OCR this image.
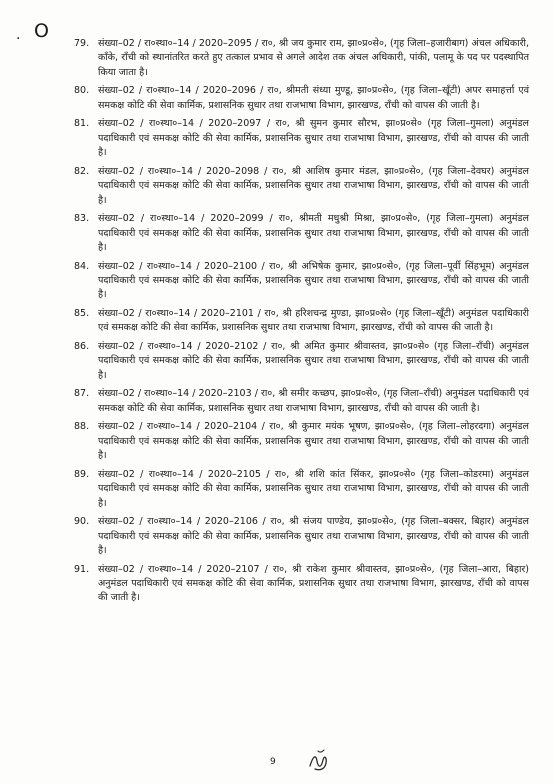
. O
79. संख्या–02 / रा०स्था०–14 / 2020–2095 / रा०, श्री जय कुमार राम, झा०प्र०से०, (गृह जिला–हजारीबाग) अंचल अधिकारी, काँके, राँची को स्थानांतरित करते हुए तत्काल प्रभाव से अगले आदेश तक अंचल अधिकारी, पांकी, पलामू के पद पर पदस्थापित किया जाता है।
80. संख्या–02 / रा०स्था०–14 / 2020–2096 / रा०, श्रीमती संध्या मुण्डू, झा०प्र०से०, (गृह जिला–खूँटी) अपर समाहर्त्ता एवं समकक्ष कोटि की सेवा कार्मिक, प्रशासनिक सुधार तथा राजभाषा विभाग, झारखण्ड, राँची को वापस की जाती है।
81. संख्या–02 / रा०स्था०–14 / 2020–2097 / रा०, श्री सुमन कुमार सौरभ, झा०प्र०से० (गृह जिला–गुमला) अनुमंडल पदाधिकारी एवं समकक्ष कोटि की सेवा कार्मिक, प्रशासनिक सुधार तथा राजभाषा विभाग, झारखण्ड, राँची को वापस की जाती है।
82. संख्या–02 / रा०स्था०–14 / 2020–2098 / रा०, श्री आशिष कुमार मंडल, झा०प्र०से०, (गृह जिला–देवघर) अनुमंडल पदाधिकारी एवं समकक्ष कोटि की सेवा कार्मिक, प्रशासनिक सुधार तथा राजभाषा विभाग, झारखण्ड, राँची को वापस की जाती है।
83. संख्या–02 / रा०स्था०–14 / 2020–2099 / रा०, श्रीमती मधुश्री मिश्रा, झा०प्र०से०, (गृह जिला–गुमला) अनुमंडल पदाधिकारी एवं समकक्ष कोटि की सेवा कार्मिक, प्रशासनिक सुधार तथा राजभाषा विभाग, झारखण्ड, राँची को वापस की जाती है।
84. संख्या–02 / रा०स्था०–14 / 2020–2100 / रा०, श्री अभिषेक कुमार, झा०प्र०से०, (गृह जिला–पूर्वी सिंहभूम) अनुमंडल पदाधिकारी एवं समकक्ष कोटि की सेवा कार्मिक, प्रशासनिक सुधार तथा राजभाषा विभाग, झारखण्ड, राँची को वापस की जाती है।
85. संख्या–02 / रा०स्था०–14 / 2020–2101 / रा०, श्री हरिशचन्द्र मुण्डा, झा०प्र०से० (गृह जिला–खूँटी) अनुमंडल पदाधिकारी एवं समकक्ष कोटि की सेवा कार्मिक, प्रशासनिक सुधार तथा राजभाषा विभाग, झारखण्ड, राँची को वापस की जाती है।
86. संख्या–02 / रा०स्था०–14 / 2020–2102 / रा०, श्री अमित कुमार श्रीवास्तव, झा०प्र०से० (गृह जिला–राँची) अनुमंडल पदाधिकारी एवं समकक्ष कोटि की सेवा कार्मिक, प्रशासनिक सुधार तथा राजभाषा विभाग, झारखण्ड, राँची को वापस की जाती है।
87. संख्या–02 / रा०स्था०–14 / 2020–2103 / रा०, श्री समीर कच्छप, झा०प्र०से०, (गृह जिला–राँची) अनुमंडल पदाधिकारी एवं समकक्ष कोटि की सेवा कार्मिक, प्रशासनिक सुधार तथा राजभाषा विभाग, झारखण्ड, राँची को वापस की जाती है।
88. संख्या–02 / रा०स्था०–14 / 2020–2104 / रा०, श्री कुमार मयंक भूषण, झा०प्र०से०, (गृह जिला–लोहरदगा) अनुमंडल पदाधिकारी एवं समकक्ष कोटि की सेवा कार्मिक, प्रशासनिक सुधार तथा राजभाषा विभाग, झारखण्ड, राँची को वापस की जाती है।
89. संख्या–02 / रा०स्था०–14 / 2020–2105 / रा०, श्री शशि कांत सिंकर, झा०प्र०से० (गृह जिला–कोडरमा) अनुमंडल पदाधिकारी एवं समकक्ष कोटि की सेवा कार्मिक, प्रशासनिक सुधार तथा राजभाषा विभाग, झारखण्ड, राँची को वापस की जाती है।
90. संख्या–02 / रा०स्था०–14 / 2020–2106 / रा०, श्री संजय पाण्डेय, झा०प्र०से०, (गृह जिला–बक्सर, बिहार) अनुमंडल पदाधिकारी एवं समकक्ष कोटि की सेवा कार्मिक, प्रशासनिक सुधार तथा राजभाषा विभाग, झारखण्ड, राँची को वापस की जाती है।
91. संख्या–02 / रा०स्था०–14 / 2020–2107 / रा०, श्री राकेश कुमार श्रीवास्तव, झा०प्र०से०, (गृह जिला–आरा, बिहार) अनुमंडल पदाधिकारी एवं समकक्ष कोटि की सेवा कार्मिक, प्रशासनिक सुधार तथा राजभाषा विभाग, झारखण्ड, राँची को वापस की जाती है।
9
